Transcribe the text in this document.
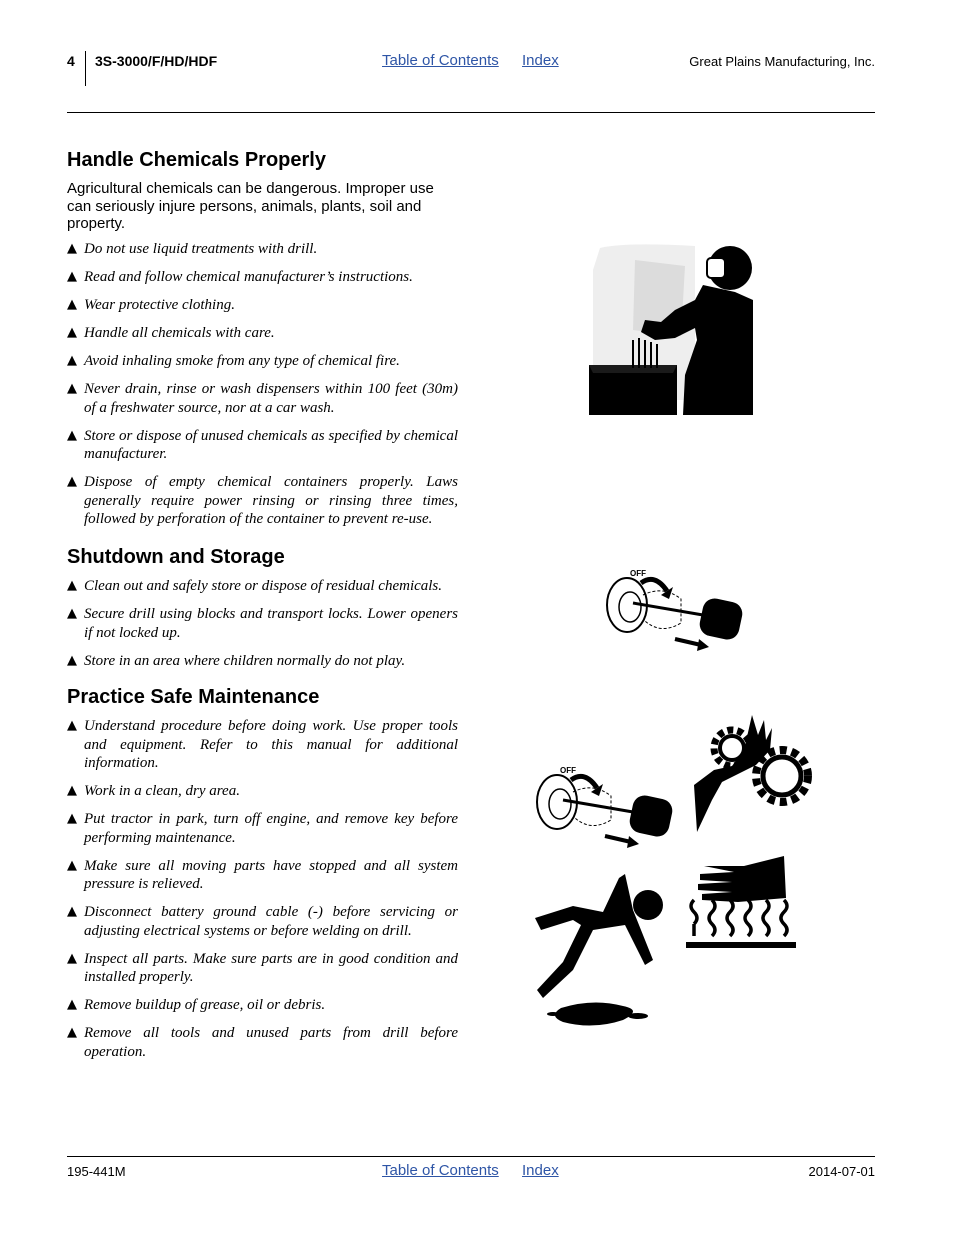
4 3S-3000/F/HD/HDF	Table of Contents Index	Great Plains Manufacturing, Inc.
Handle Chemicals Properly
Agricultural chemicals can be dangerous. Improper use can seriously injure persons, animals, plants, soil and property.
▲ Do not use liquid treatments with drill.
▲ Read and follow chemical manufacturer’s instructions.
▲ Wear protective clothing.
▲ Handle all chemicals with care.
▲ Avoid inhaling smoke from any type of chemical fire.
▲ Never drain, rinse or wash dispensers within 100 feet (30m) of a freshwater source, nor at a car wash.
▲ Store or dispose of unused chemicals as specified by chemical manufacturer.
▲ Dispose of empty chemical containers properly. Laws generally require power rinsing or rinsing three times, followed by perforation of the container to prevent re-use.
Shutdown and Storage
▲ Clean out and safely store or dispose of residual chemicals.
▲ Secure drill using blocks and transport locks. Lower openers if not locked up.
▲ Store in an area where children normally do not play.
Practice Safe Maintenance
▲ Understand procedure before doing work. Use proper tools and equipment. Refer to this manual for additional information.
▲ Work in a clean, dry area.
▲ Put tractor in park, turn off engine, and remove key before performing maintenance.
▲ Make sure all moving parts have stopped and all system pressure is relieved.
▲ Disconnect battery ground cable (-) before servicing or adjusting electrical systems or before welding on drill.
▲ Inspect all parts. Make sure parts are in good condition and installed properly.
▲ Remove buildup of grease, oil or debris.
▲ Remove all tools and unused parts from drill before operation.
OFF
OFF
195-441M	Table of Contents Index	2014-07-01
